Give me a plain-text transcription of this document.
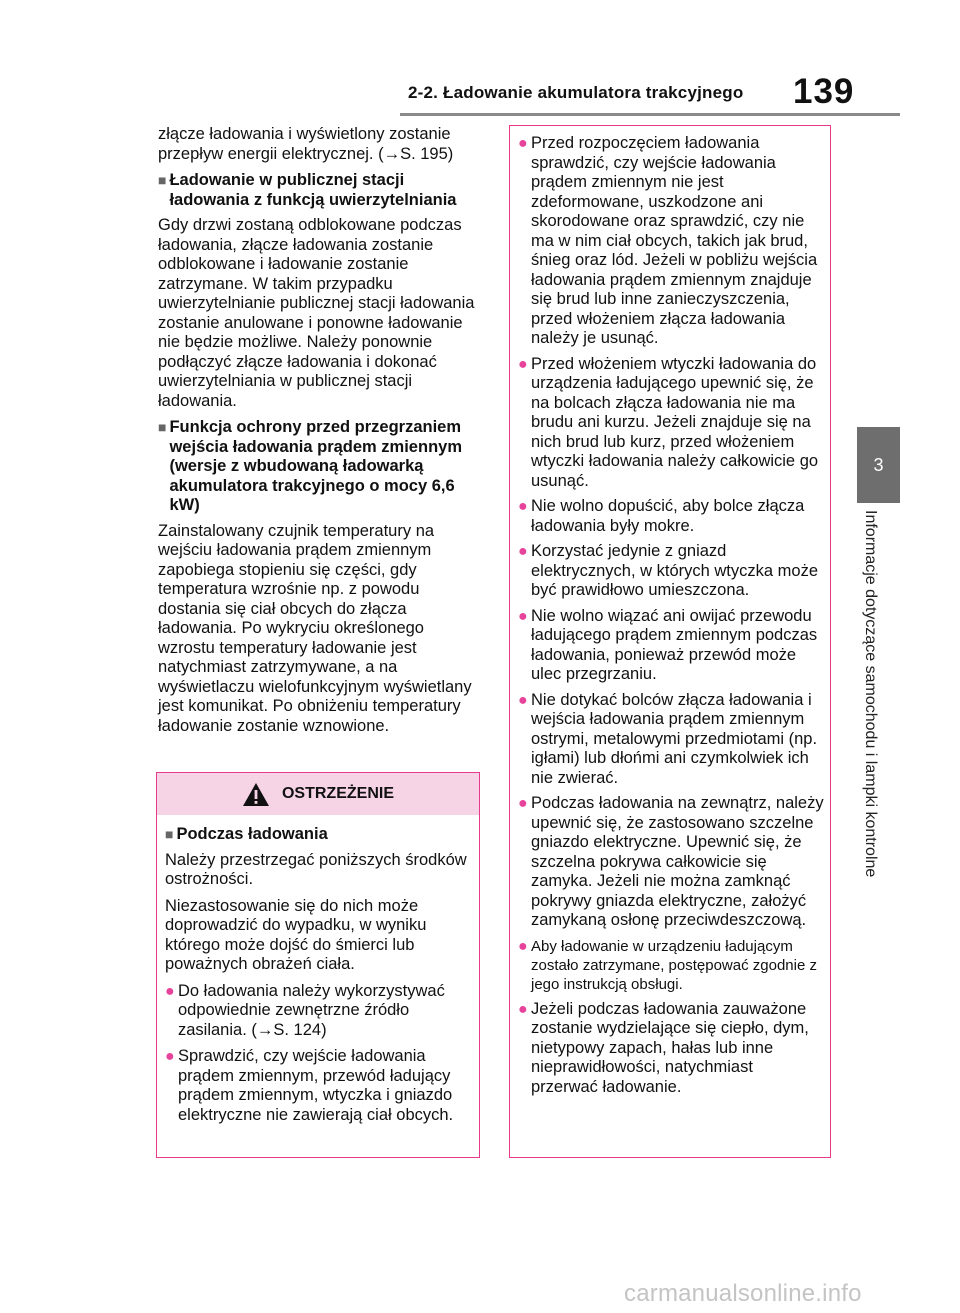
2-2. Ładowanie akumulatora trakcyjnego 139
3
Informacje dotyczące samochodu i lampki kontrolne

złącze ładowania i wyświetlony zostanie przepływ energii elektrycznej. (→S. 195)

■ Ładowanie w publicznej stacji ładowania z funkcją uwierzytelniania

Gdy drzwi zostaną odblokowane podczas ładowania, złącze ładowania zostanie odblokowane i ładowanie zostanie zatrzymane. W takim przypadku uwierzytelnianie publicznej stacji ładowania zostanie anulowane i ponowne ładowanie nie będzie możliwe. Należy ponownie podłączyć złącze ładowania i dokonać uwierzytelniania w publicznej stacji ładowania.

■ Funkcja ochrony przed przegrzaniem wejścia ładowania prądem zmiennym (wersje z wbudowaną ładowarką akumulatora trakcyjnego o mocy 6,6 kW)

Zainstalowany czujnik temperatury na wejściu ładowania prądem zmiennym zapobiega stopieniu się części, gdy temperatura wzrośnie np. z powodu dostania się ciał obcych do złącza ładowania. Po wykryciu określonego wzrostu temperatury ładowanie jest natychmiast zatrzymywane, a na wyświetlaczu wielofunkcyjnym wyświetlany jest komunikat. Po obniżeniu temperatury ładowanie zostanie wznowione.

OSTRZEŻENIE
■ Podczas ładowania

Należy przestrzegać poniższych środków ostrożności.

Niezastosowanie się do nich może doprowadzić do wypadku, w wyniku którego może dojść do śmierci lub poważnych obrażeń ciała.

● Do ładowania należy wykorzystywać odpowiednie zewnętrzne źródło zasilania. (→S. 124)
● Sprawdzić, czy wejście ładowania prądem zmiennym, przewód ładujący prądem zmiennym, wtyczka i gniazdo elektryczne nie zawierają ciał obcych.
● Przed rozpoczęciem ładowania sprawdzić, czy wejście ładowania prądem zmiennym nie jest zdeformowane, uszkodzone ani skorodowane oraz sprawdzić, czy nie ma w nim ciał obcych, takich jak brud, śnieg oraz lód. Jeżeli w pobliżu wejścia ładowania prądem zmiennym znajduje się brud lub inne zanieczyszczenia, przed włożeniem złącza ładowania należy je usunąć.
● Przed włożeniem wtyczki ładowania do urządzenia ładującego upewnić się, że na bolcach złącza ładowania nie ma brudu ani kurzu. Jeżeli znajduje się na nich brud lub kurz, przed włożeniem wtyczki ładowania należy całkowicie go usunąć.
● Nie wolno dopuścić, aby bolce złącza ładowania były mokre.
● Korzystać jedynie z gniazd elektrycznych, w których wtyczka może być prawidłowo umieszczona.
● Nie wolno wiązać ani owijać przewodu ładującego prądem zmiennym podczas ładowania, ponieważ przewód może ulec przegrzaniu.
● Nie dotykać bolców złącza ładowania i wejścia ładowania prądem zmiennym ostrymi, metalowymi przedmiotami (np. igłami) lub dłońmi ani czymkolwiek ich nie zwierać.
● Podczas ładowania na zewnątrz, należy upewnić się, że zastosowano szczelne gniazdo elektryczne. Upewnić się, że szczelna pokrywa całkowicie się zamyka. Jeżeli nie można zamknąć pokrywy gniazda elektryczne, założyć zamykaną osłonę przeciwdeszczową.
● Aby ładowanie w urządzeniu ładującym zostało zatrzymane, postępować zgodnie z jego instrukcją obsługi.
● Jeżeli podczas ładowania zauważone zostanie wydzielające się ciepło, dym, nietypowy zapach, hałas lub inne nieprawidłowości, natychmiast przerwać ładowanie.
carmanualsonline.info
